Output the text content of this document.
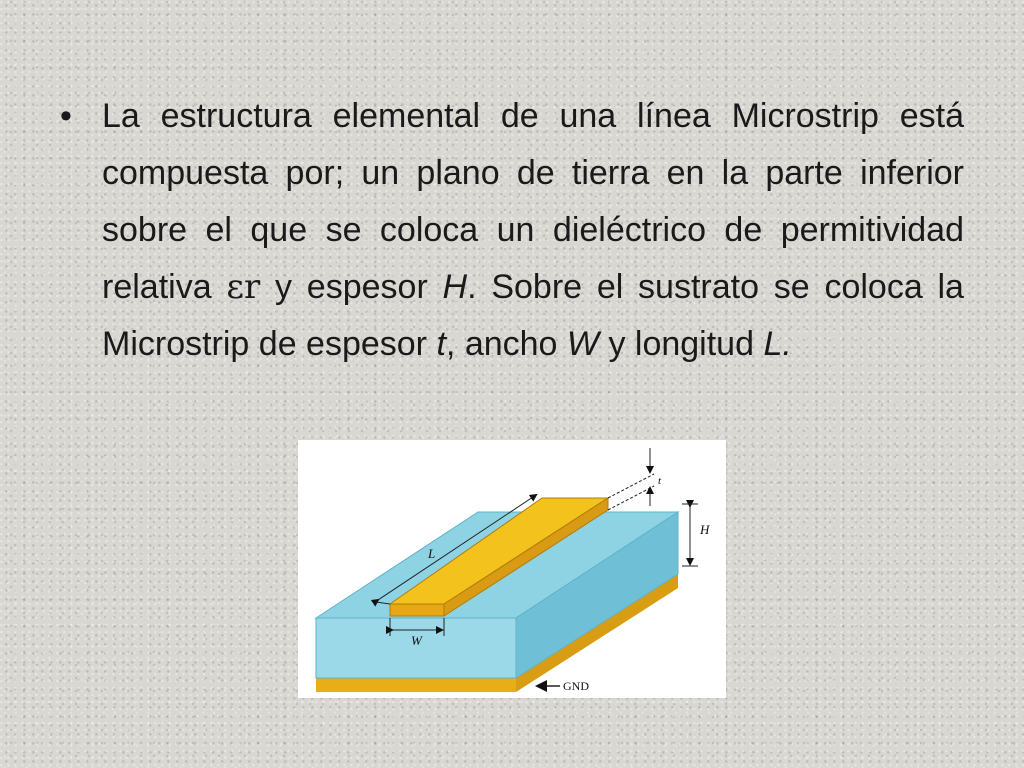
• La estructura elemental de una línea Microstrip está compuesta por; un plano de tierra en la parte inferior sobre el que se coloca un dieléctrico de permitividad relativa εr y espesor H. Sobre el sustrato se coloca la Microstrip de espesor t, ancho W y longitud L.

L
W
t
H
GND
